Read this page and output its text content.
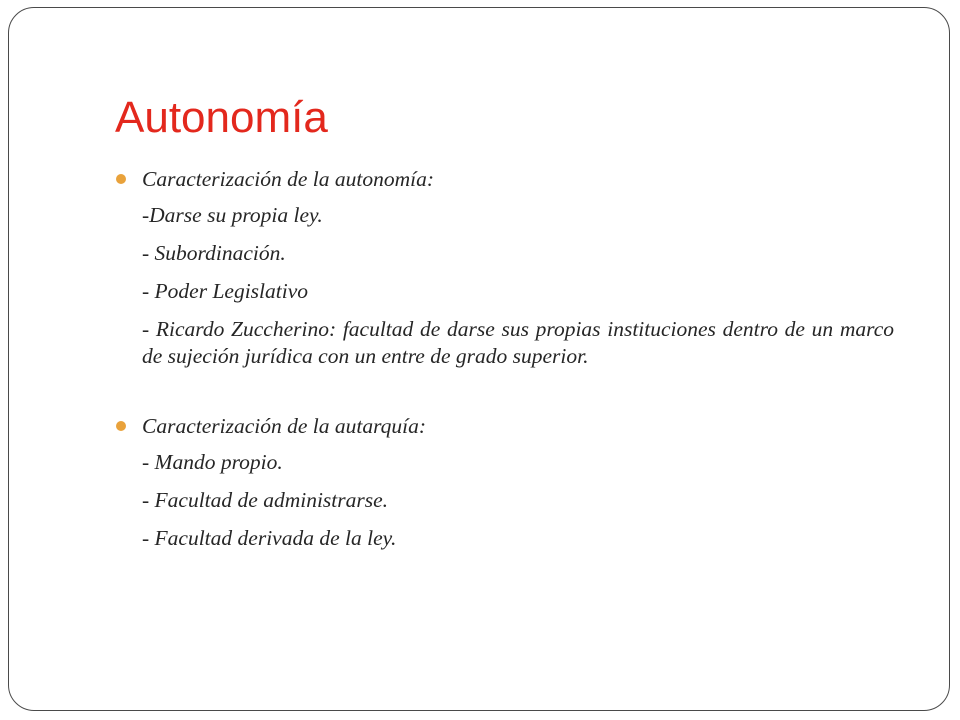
Autonomía
Caracterización de la autonomía:
-Darse su propia ley.
- Subordinación.
- Poder Legislativo
- Ricardo Zuccherino: facultad de darse sus propias instituciones dentro de un marco de sujeción jurídica con un entre de grado superior.
Caracterización de la autarquía:
- Mando propio.
- Facultad de administrarse.
- Facultad derivada de la ley.
